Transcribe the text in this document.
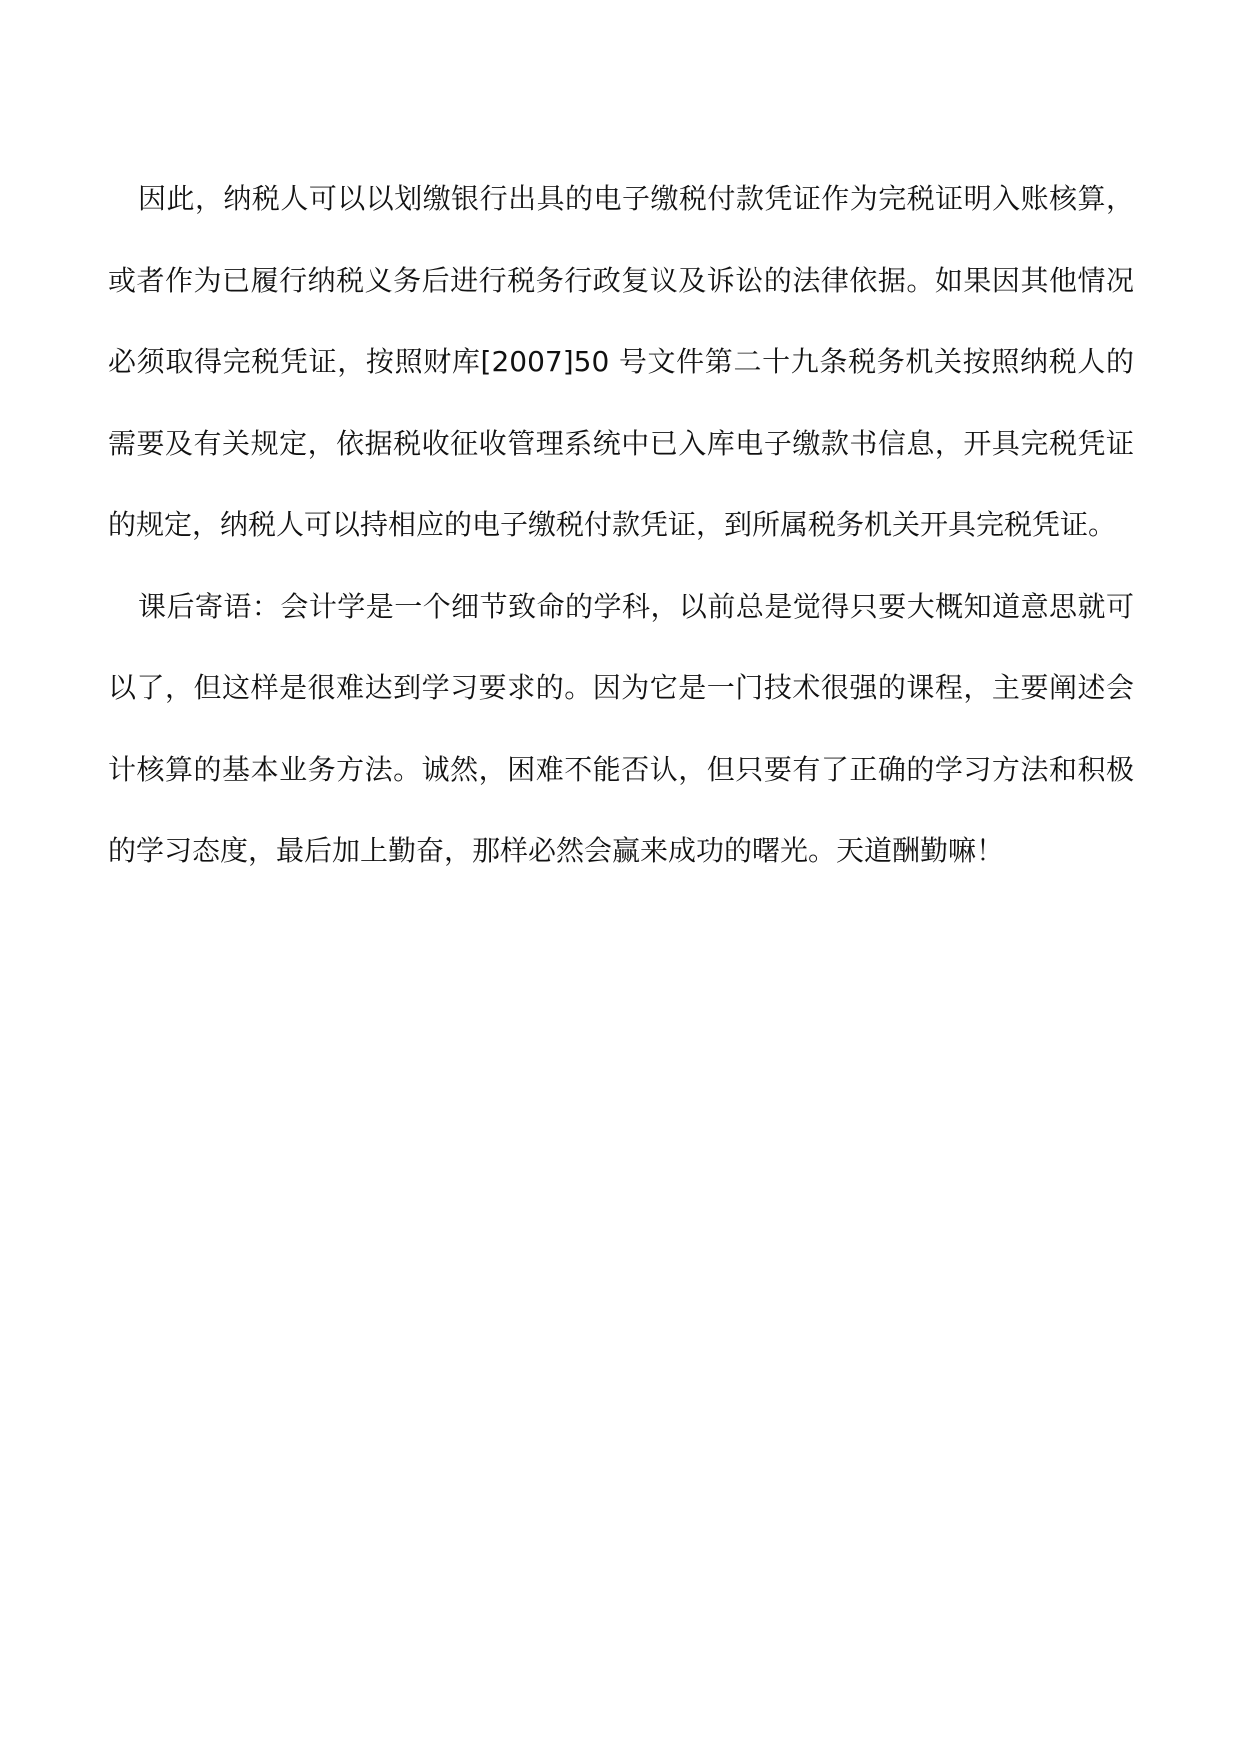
因此，纳税人可以以划缴银行出具的电子缴税付款凭证作为完税证明入账核算，或者作为已履行纳税义务后进行税务行政复议及诉讼的法律依据。如果因其他情况必须取得完税凭证，按照财库[2007]50 号文件第二十九条税务机关按照纳税人的需要及有关规定，依据税收征收管理系统中已入库电子缴款书信息，开具完税凭证的规定，纳税人可以持相应的电子缴税付款凭证，到所属税务机关开具完税凭证。

课后寄语：会计学是一个细节致命的学科，以前总是觉得只要大概知道意思就可以了，但这样是很难达到学习要求的。因为它是一门技术很强的课程，主要阐述会计核算的基本业务方法。诚然，困难不能否认，但只要有了正确的学习方法和积极的学习态度，最后加上勤奋，那样必然会赢来成功的曙光。天道酬勤嘛！
